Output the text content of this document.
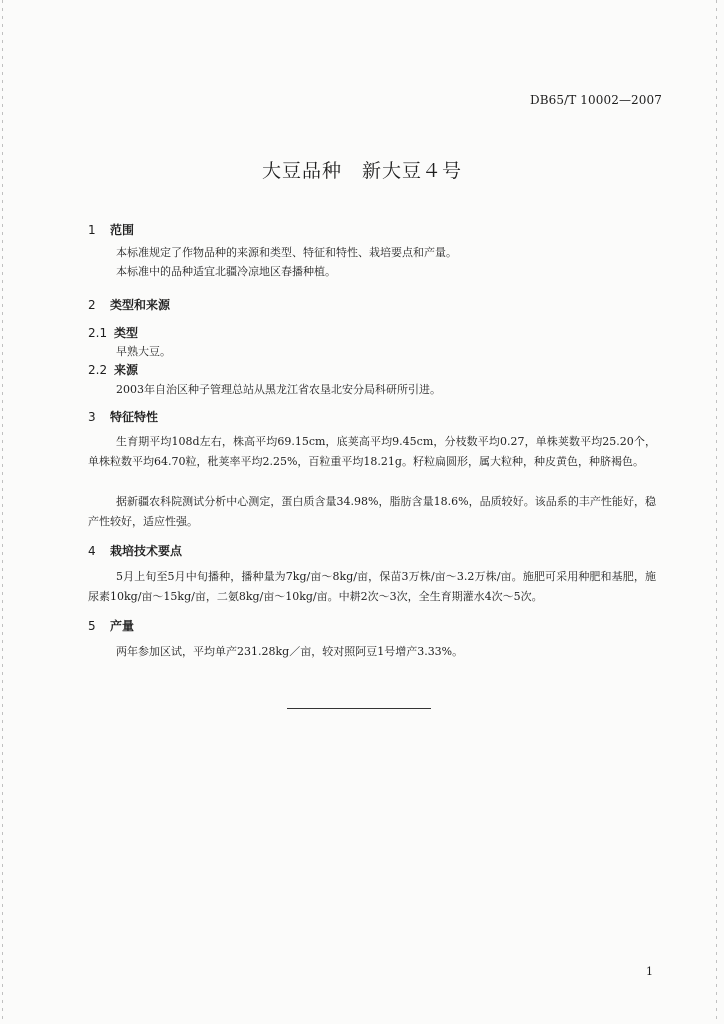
DB65/T 10002—2007
大豆品种　新大豆４号
1 范围
本标准规定了作物品种的来源和类型、特征和特性、栽培要点和产量。
本标准中的品种适宜北疆冷凉地区春播种植。
2 类型和来源
2.1 类型
早熟大豆。
2.2 来源
2003年自治区种子管理总站从黑龙江省农垦北安分局科研所引进。
3 特征特性
生育期平均108d左右，株高平均69.15cm，底荚高平均9.45cm，分枝数平均0.27，单株荚数平均25.20个，单株粒数平均64.70粒，秕荚率平均2.25%，百粒重平均18.21g。籽粒扁圆形，属大粒种，种皮黄色，种脐褐色。
据新疆农科院测试分析中心测定，蛋白质含量34.98%，脂肪含量18.6%，品质较好。该品系的丰产性能好，稳产性较好，适应性强。
4 栽培技术要点
5月上旬至5月中旬播种，播种量为7kg/亩～8kg/亩，保苗3万株/亩～3.2万株/亩。施肥可采用种肥和基肥，施尿素10kg/亩～15kg/亩，二氨8kg/亩～10kg/亩。中耕2次～3次，全生育期灌水4次～5次。
5 产量
两年参加区试，平均单产231.28kg／亩，较对照阿豆1号增产3.33%。
1
